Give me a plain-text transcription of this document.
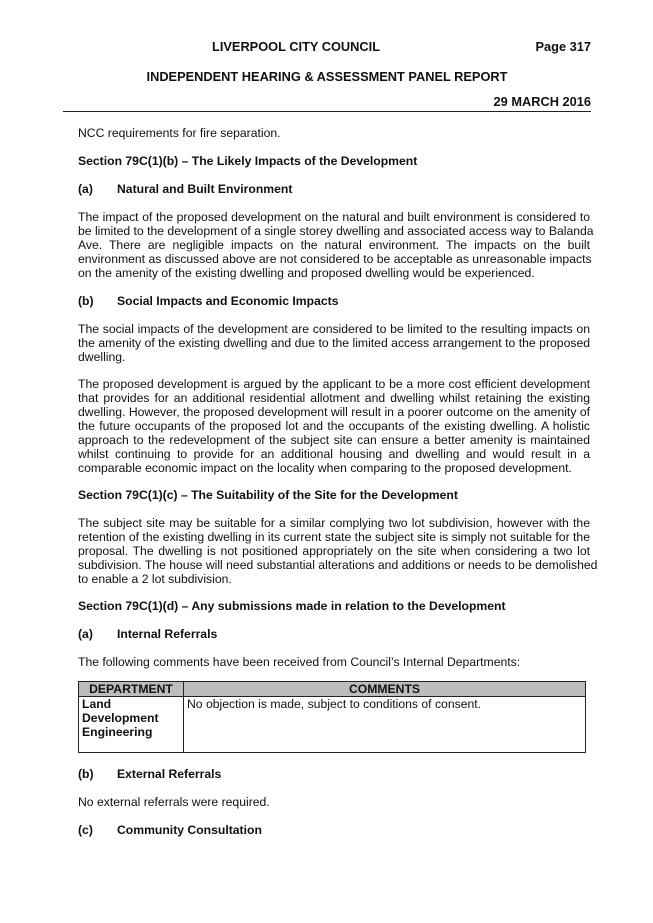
LIVERPOOL CITY COUNCIL	Page 317
INDEPENDENT HEARING & ASSESSMENT PANEL REPORT
29 MARCH 2016
NCC requirements for fire separation.
Section 79C(1)(b) – The Likely Impacts of the Development
(a) Natural and Built Environment
The impact of the proposed development on the natural and built environment is considered to
be limited to the development of a single storey dwelling and associated access way to Balanda
Ave. There are negligible impacts on the natural environment. The impacts on the built
environment as discussed above are not considered to be acceptable as unreasonable impacts
on the amenity of the existing dwelling and proposed dwelling would be experienced.
(b) Social Impacts and Economic Impacts
The social impacts of the development are considered to be limited to the resulting impacts on
the amenity of the existing dwelling and due to the limited access arrangement to the proposed
dwelling.
The proposed development is argued by the applicant to be a more cost efficient development
that provides for an additional residential allotment and dwelling whilst retaining the existing
dwelling. However, the proposed development will result in a poorer outcome on the amenity of
the future occupants of the proposed lot and the occupants of the existing dwelling. A holistic
approach to the redevelopment of the subject site can ensure a better amenity is maintained
whilst continuing to provide for an additional housing and dwelling and would result in a
comparable economic impact on the locality when comparing to the proposed development.
Section 79C(1)(c) – The Suitability of the Site for the Development
The subject site may be suitable for a similar complying two lot subdivision, however with the
retention of the existing dwelling in its current state the subject site is simply not suitable for the
proposal. The dwelling is not positioned appropriately on the site when considering a two lot
subdivision. The house will need substantial alterations and additions or needs to be demolished
to enable a 2 lot subdivision.
Section 79C(1)(d) – Any submissions made in relation to the Development
(a) Internal Referrals
The following comments have been received from Council’s Internal Departments:
DEPARTMENT	COMMENTS

Land
Development
Engineering	No objection is made, subject to conditions of consent.
(b) External Referrals
No external referrals were required.
(c) Community Consultation
